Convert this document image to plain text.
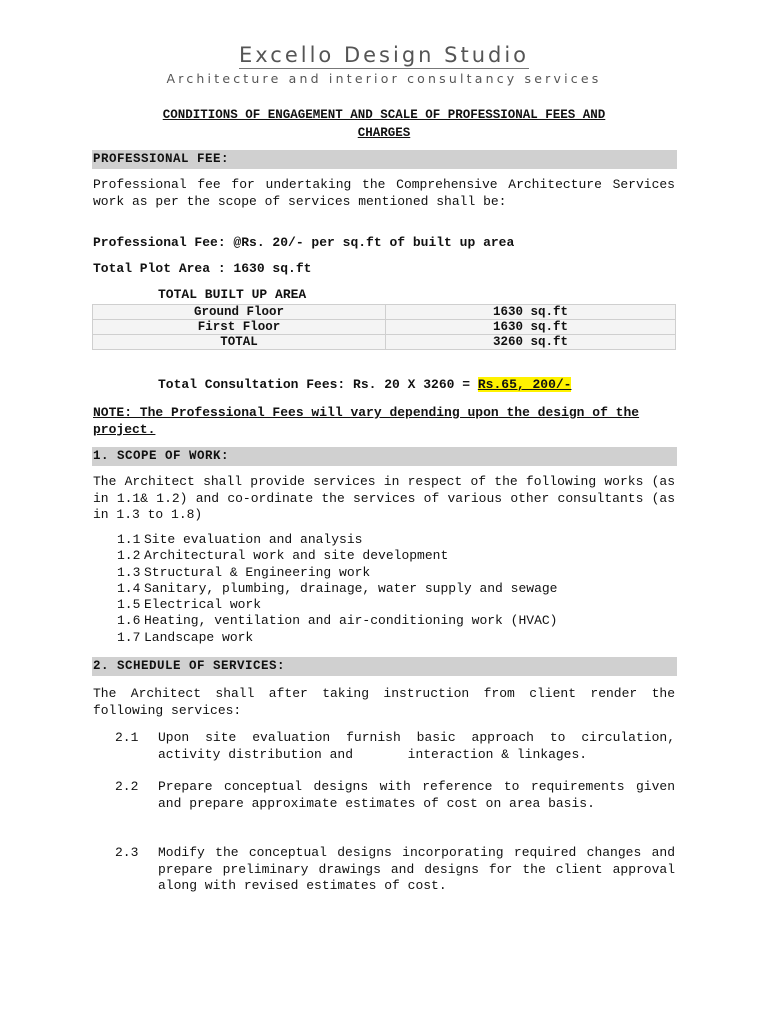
Excello Design Studio
Architecture and interior consultancy services
CONDITIONS OF ENGAGEMENT AND SCALE OF PROFESSIONAL FEES AND
CHARGES
PROFESSIONAL FEE:
Professional fee for undertaking the Comprehensive Architecture Services work as per the scope of services mentioned shall be:
Professional Fee: @Rs. 20/- per sq.ft of built up area
Total Plot Area : 1630 sq.ft
TOTAL BUILT UP AREA
Ground Floor	1630 sq.ft
First Floor	1630 sq.ft
TOTAL	3260 sq.ft
Total Consultation Fees: Rs. 20 X 3260 = Rs.65, 200/-
NOTE: The Professional Fees will vary depending upon the design of the project.
1. SCOPE OF WORK:
The Architect shall provide services in respect of the following works (as in 1.1& 1.2) and co-ordinate the services of various other consultants (as in 1.3 to 1.8)
1.1 Site evaluation and analysis
1.2 Architectural work and site development
1.3 Structural & Engineering work
1.4 Sanitary, plumbing, drainage, water supply and sewage
1.5 Electrical work
1.6 Heating, ventilation and air-conditioning work (HVAC)
1.7 Landscape work
2. SCHEDULE OF SERVICES:
The Architect shall after taking instruction from client render the following services:
2.1	Upon site evaluation furnish basic approach to circulation, activity distribution and       interaction & linkages.
2.2	Prepare conceptual designs with reference to requirements given and prepare approximate estimates of cost on area basis.
2.3	Modify the conceptual designs incorporating required changes and prepare preliminary drawings and designs for the client approval along with revised estimates of cost.
